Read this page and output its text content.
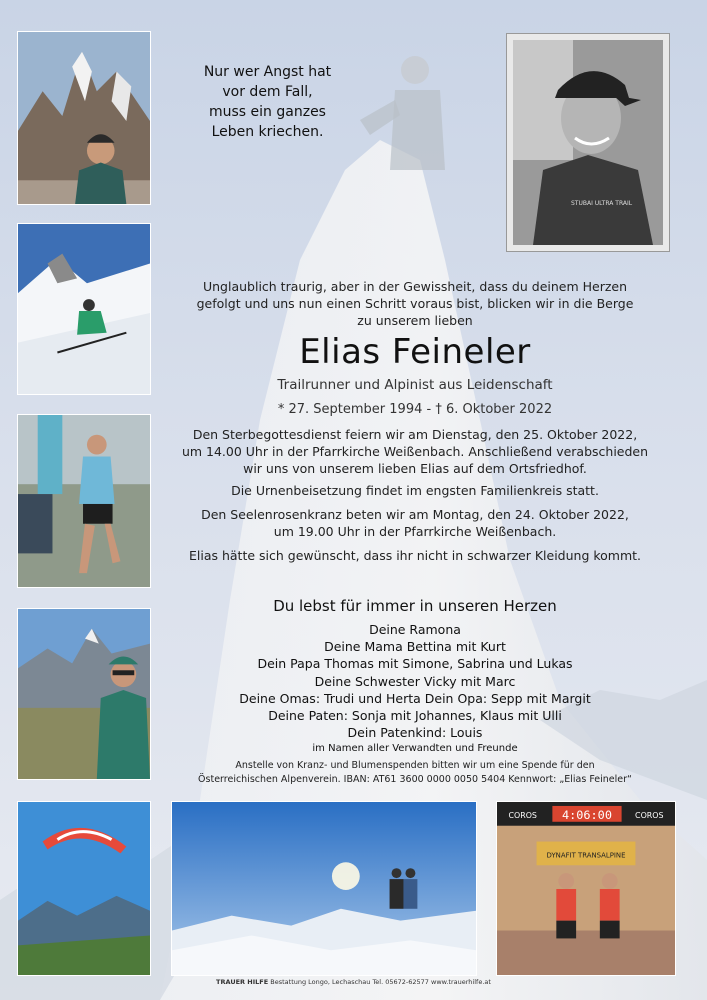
4:06:00
COROS	COROS
DYNAFIT TRANSALPINE
Nur wer Angst hat
vor dem Fall,
muss ein ganzes
Leben kriechen.
STUBAI ULTRA TRAIL
Unglaublich traurig, aber in der Gewissheit, dass du deinem Herzen
gefolgt und uns nun einen Schritt voraus bist, blicken wir in die Berge
zu unserem lieben
Elias Feineler
Trailrunner und Alpinist aus Leidenschaft
* 27. September 1994 - † 6. Oktober 2022
Den Sterbegottesdienst feiern wir am Dienstag, den 25. Oktober 2022,
um 14.00 Uhr in der Pfarrkirche Weißenbach. Anschließend verabschieden
wir uns von unserem lieben Elias auf dem Ortsfriedhof.
Die Urnenbeisetzung findet im engsten Familienkreis statt.
Den Seelenrosenkranz beten wir am Montag, den 24. Oktober 2022,
um 19.00 Uhr in der Pfarrkirche Weißenbach.
Elias hätte sich gewünscht, dass ihr nicht in schwarzer Kleidung kommt.
Du lebst für immer in unseren Herzen
Deine Ramona
Deine Mama Bettina mit Kurt
Dein Papa Thomas mit Simone, Sabrina und Lukas
Deine Schwester Vicky mit Marc
Deine Omas: Trudi und Herta Dein Opa: Sepp mit Margit
Deine Paten: Sonja mit Johannes, Klaus mit Ulli
Dein Patenkind: Louis
im Namen aller Verwandten und Freunde
Anstelle von Kranz- und Blumenspenden bitten wir um eine Spende für den
Österreichischen Alpenverein. IBAN: AT61 3600 0000 0050 5404 Kennwort: „Elias Feineler“
TRAUER HILFE Bestattung Longo, Lechaschau Tel. 05672-62577 www.trauerhilfe.at
